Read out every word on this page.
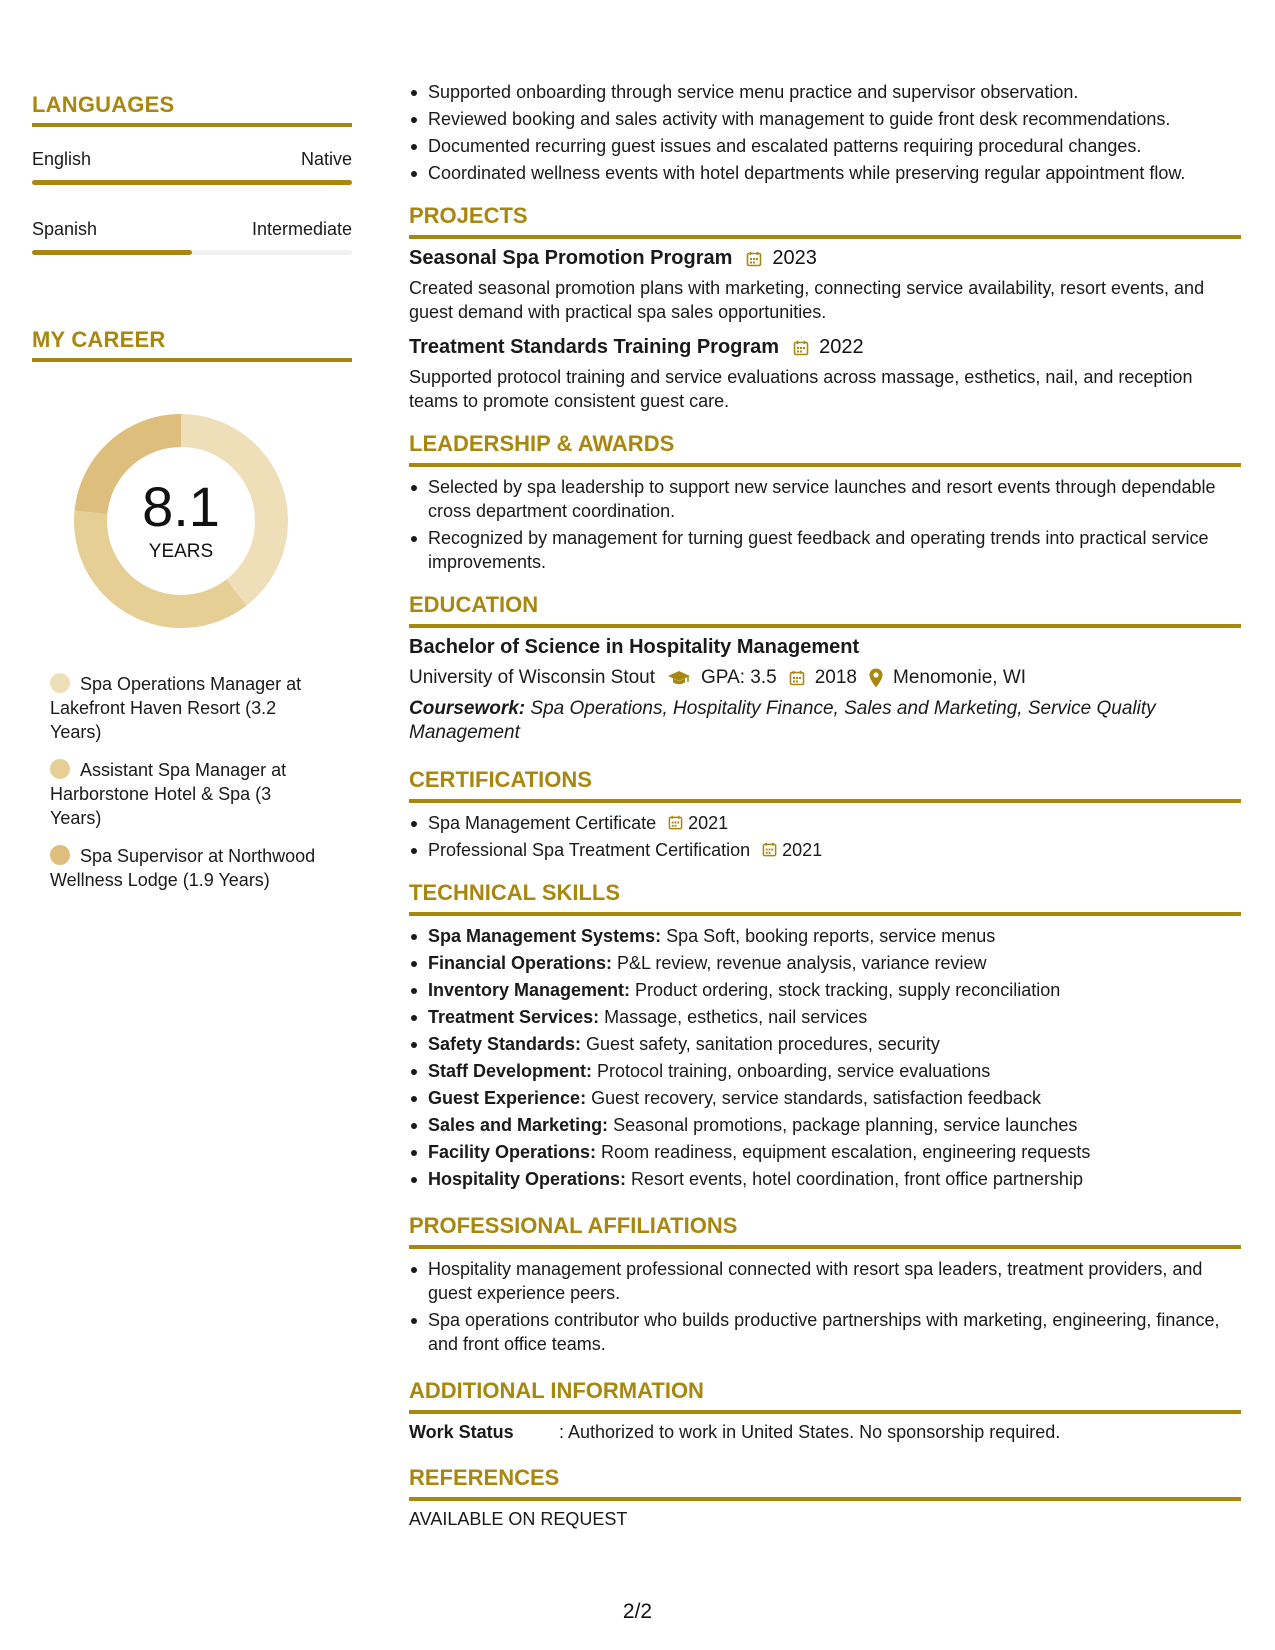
LANGUAGES
English	Native
Spanish	Intermediate
MY CAREER
8.1
YEARS
Spa Operations Manager at Lakefront Haven Resort (3.2 Years)
Assistant Spa Manager at Harborstone Hotel & Spa (3 Years)
Spa Supervisor at Northwood Wellness Lodge (1.9 Years)
Supported onboarding through service menu practice and supervisor observation.
Reviewed booking and sales activity with management to guide front desk recommendations.
Documented recurring guest issues and escalated patterns requiring procedural changes.
Coordinated wellness events with hotel departments while preserving regular appointment flow.
PROJECTS
Seasonal Spa Promotion Program 2023
Created seasonal promotion plans with marketing, connecting service availability, resort events, and guest demand with practical spa sales opportunities.
Treatment Standards Training Program 2022
Supported protocol training and service evaluations across massage, esthetics, nail, and reception teams to promote consistent guest care.
LEADERSHIP & AWARDS
Selected by spa leadership to support new service launches and resort events through dependable cross department coordination.
Recognized by management for turning guest feedback and operating trends into practical service improvements.
EDUCATION
Bachelor of Science in Hospitality Management
University of Wisconsin Stout GPA: 3.5 2018 Menomonie, WI
Coursework: Spa Operations, Hospitality Finance, Sales and Marketing, Service Quality Management
CERTIFICATIONS
Spa Management Certificate 2021
Professional Spa Treatment Certification 2021
TECHNICAL SKILLS
Spa Management Systems: Spa Soft, booking reports, service menus
Financial Operations: P&L review, revenue analysis, variance review
Inventory Management: Product ordering, stock tracking, supply reconciliation
Treatment Services: Massage, esthetics, nail services
Safety Standards: Guest safety, sanitation procedures, security
Staff Development: Protocol training, onboarding, service evaluations
Guest Experience: Guest recovery, service standards, satisfaction feedback
Sales and Marketing: Seasonal promotions, package planning, service launches
Facility Operations: Room readiness, equipment escalation, engineering requests
Hospitality Operations: Resort events, hotel coordination, front office partnership
PROFESSIONAL AFFILIATIONS
Hospitality management professional connected with resort spa leaders, treatment providers, and guest experience peers.
Spa operations contributor who builds productive partnerships with marketing, engineering, finance, and front office teams.
ADDITIONAL INFORMATION
Work Status	: Authorized to work in United States. No sponsorship required.
REFERENCES
AVAILABLE ON REQUEST
2/2
